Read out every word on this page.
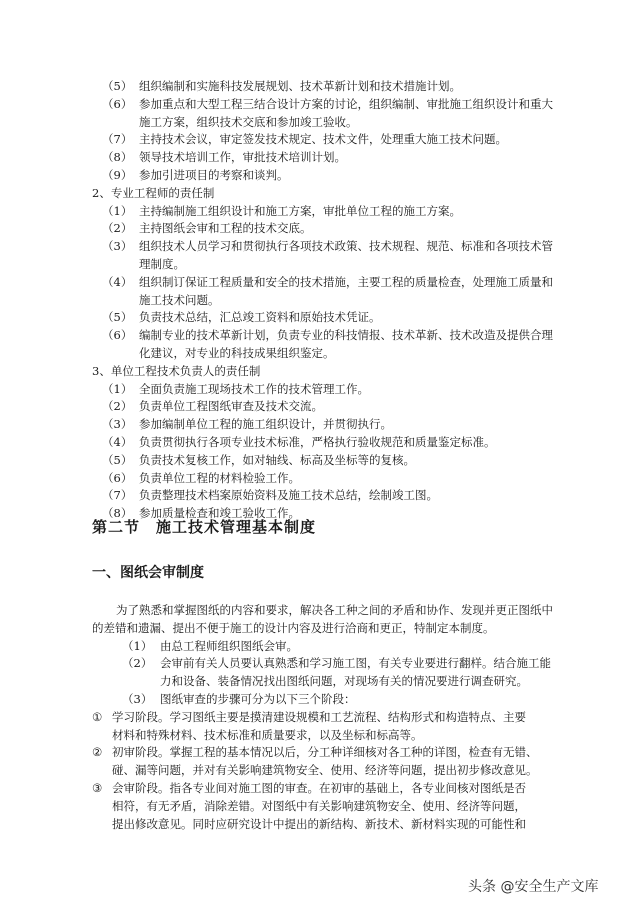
（5） 组织编制和实施科技发展规划、技术革新计划和技术措施计划。
（6） 参加重点和大型工程三结合设计方案的讨论，组织编制、审批施工组织设计和重大
施工方案，组织技术交底和参加竣工验收。
（7） 主持技术会议，审定签发技术规定、技术文件，处理重大施工技术问题。
（8） 领导技术培训工作，审批技术培训计划。
（9） 参加引进项目的考察和谈判。
2、专业工程师的责任制
（1） 主持编制施工组织设计和施工方案，审批单位工程的施工方案。
（2） 主持图纸会审和工程的技术交底。
（3） 组织技术人员学习和贯彻执行各项技术政策、技术规程、规范、标准和各项技术管
理制度。
（4） 组织制订保证工程质量和安全的技术措施，主要工程的质量检查，处理施工质量和
施工技术问题。
（5） 负责技术总结，汇总竣工资料和原始技术凭证。
（6） 编制专业的技术革新计划，负责专业的科技情报、技术革新、技术改造及提供合理
化建议，对专业的科技成果组织鉴定。
3、单位工程技术负责人的责任制
（1） 全面负责施工现场技术工作的技术管理工作。
（2） 负责单位工程图纸审查及技术交流。
（3） 参加编制单位工程的施工组织设计，并贯彻执行。
（4） 负责贯彻执行各项专业技术标准，严格执行验收规范和质量鉴定标准。
（5） 负责技术复核工作，如对轴线、标高及坐标等的复核。
（6） 负责单位工程的材料检验工作。
（7） 负责整理技术档案原始资料及施工技术总结，绘制竣工图。
（8） 参加质量检查和竣工验收工作。
第二节　施工技术管理基本制度
一、图纸会审制度
为了熟悉和掌握图纸的内容和要求，解决各工种之间的矛盾和协作、发现并更正图纸中
的差错和遗漏、提出不便于施工的设计内容及进行洽商和更正，特制定本制度。
（1） 由总工程师组织图纸会审。
（2） 会审前有关人员要认真熟悉和学习施工图，有关专业要进行翻样。结合施工能
力和设备、装备情况找出图纸问题，对现场有关的情况要进行调查研究。
（3） 图纸审查的步骤可分为以下三个阶段：
① 学习阶段。学习图纸主要是摸清建设规模和工艺流程、结构形式和构造特点、主要
材料和特殊材料、技术标准和质量要求，以及坐标和标高等。
② 初审阶段。掌握工程的基本情况以后，分工种详细核对各工种的详图，检查有无错、
碰、漏等问题，并对有关影响建筑物安全、使用、经济等问题，提出初步修改意见。
③ 会审阶段。指各专业间对施工图的审查。在初审的基础上，各专业间核对图纸是否
相符，有无矛盾，消除差错。对图纸中有关影响建筑物安全、使用、经济等问题，
提出修改意见。同时应研究设计中提出的新结构、新技术、新材料实现的可能性和
头条 @安全生产文库
